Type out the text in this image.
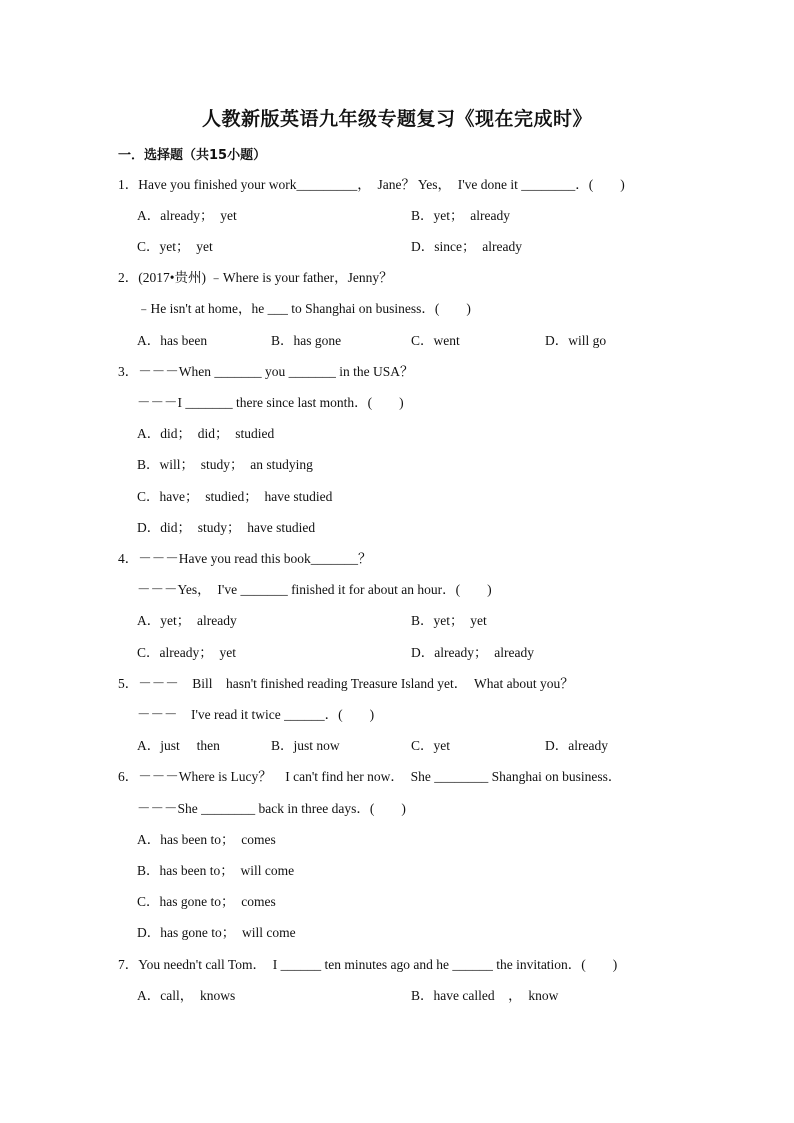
人教新版英语九年级专题复习《现在完成时》
一．选择题（共15小题）
1．Have you finished your work_________，　Jane？ Yes，　I've done it ________．(　　)
A．already；　yet	B．yet；　already
C．yet；　yet	D．since；　already
2．(2017•贵州) ﹣Where is your father，Jenny？
﹣He isn't at home，he ___ to Shanghai on business．(　　)
A．has been	B．has gone	C．went	D．will go
3．－－－When _______ you _______ in the USA？
－－－I _______ there since last month．(　　)
A．did；　did；　studied
B．will；　study；　an studying
C．have；　studied；　have studied
D．did；　study；　have studied
4．－－－Have you read this book_______？
－－－Yes，　I've _______ finished it for about an hour．(　　)
A．yet；　already	B．yet；　yet
C．already；　yet	D．already；　already
5．－－－　Bill　hasn't finished reading Treasure Island yet．　What about you？
－－－　I've read it twice ______．(　　)
A．just　 then	B．just now	C．yet	D．already
6．－－－Where is Lucy？　I can't find her now．　She ________ Shanghai on business．
－－－She ________ back in three days．(　　)
A．has been to；　comes
B．has been to；　will come
C．has gone to；　comes
D．has gone to；　will come
7．You needn't call Tom．　I ______ ten minutes ago and he ______ the invitation．(　　)
A．call，　knows	B．have called　，　know
